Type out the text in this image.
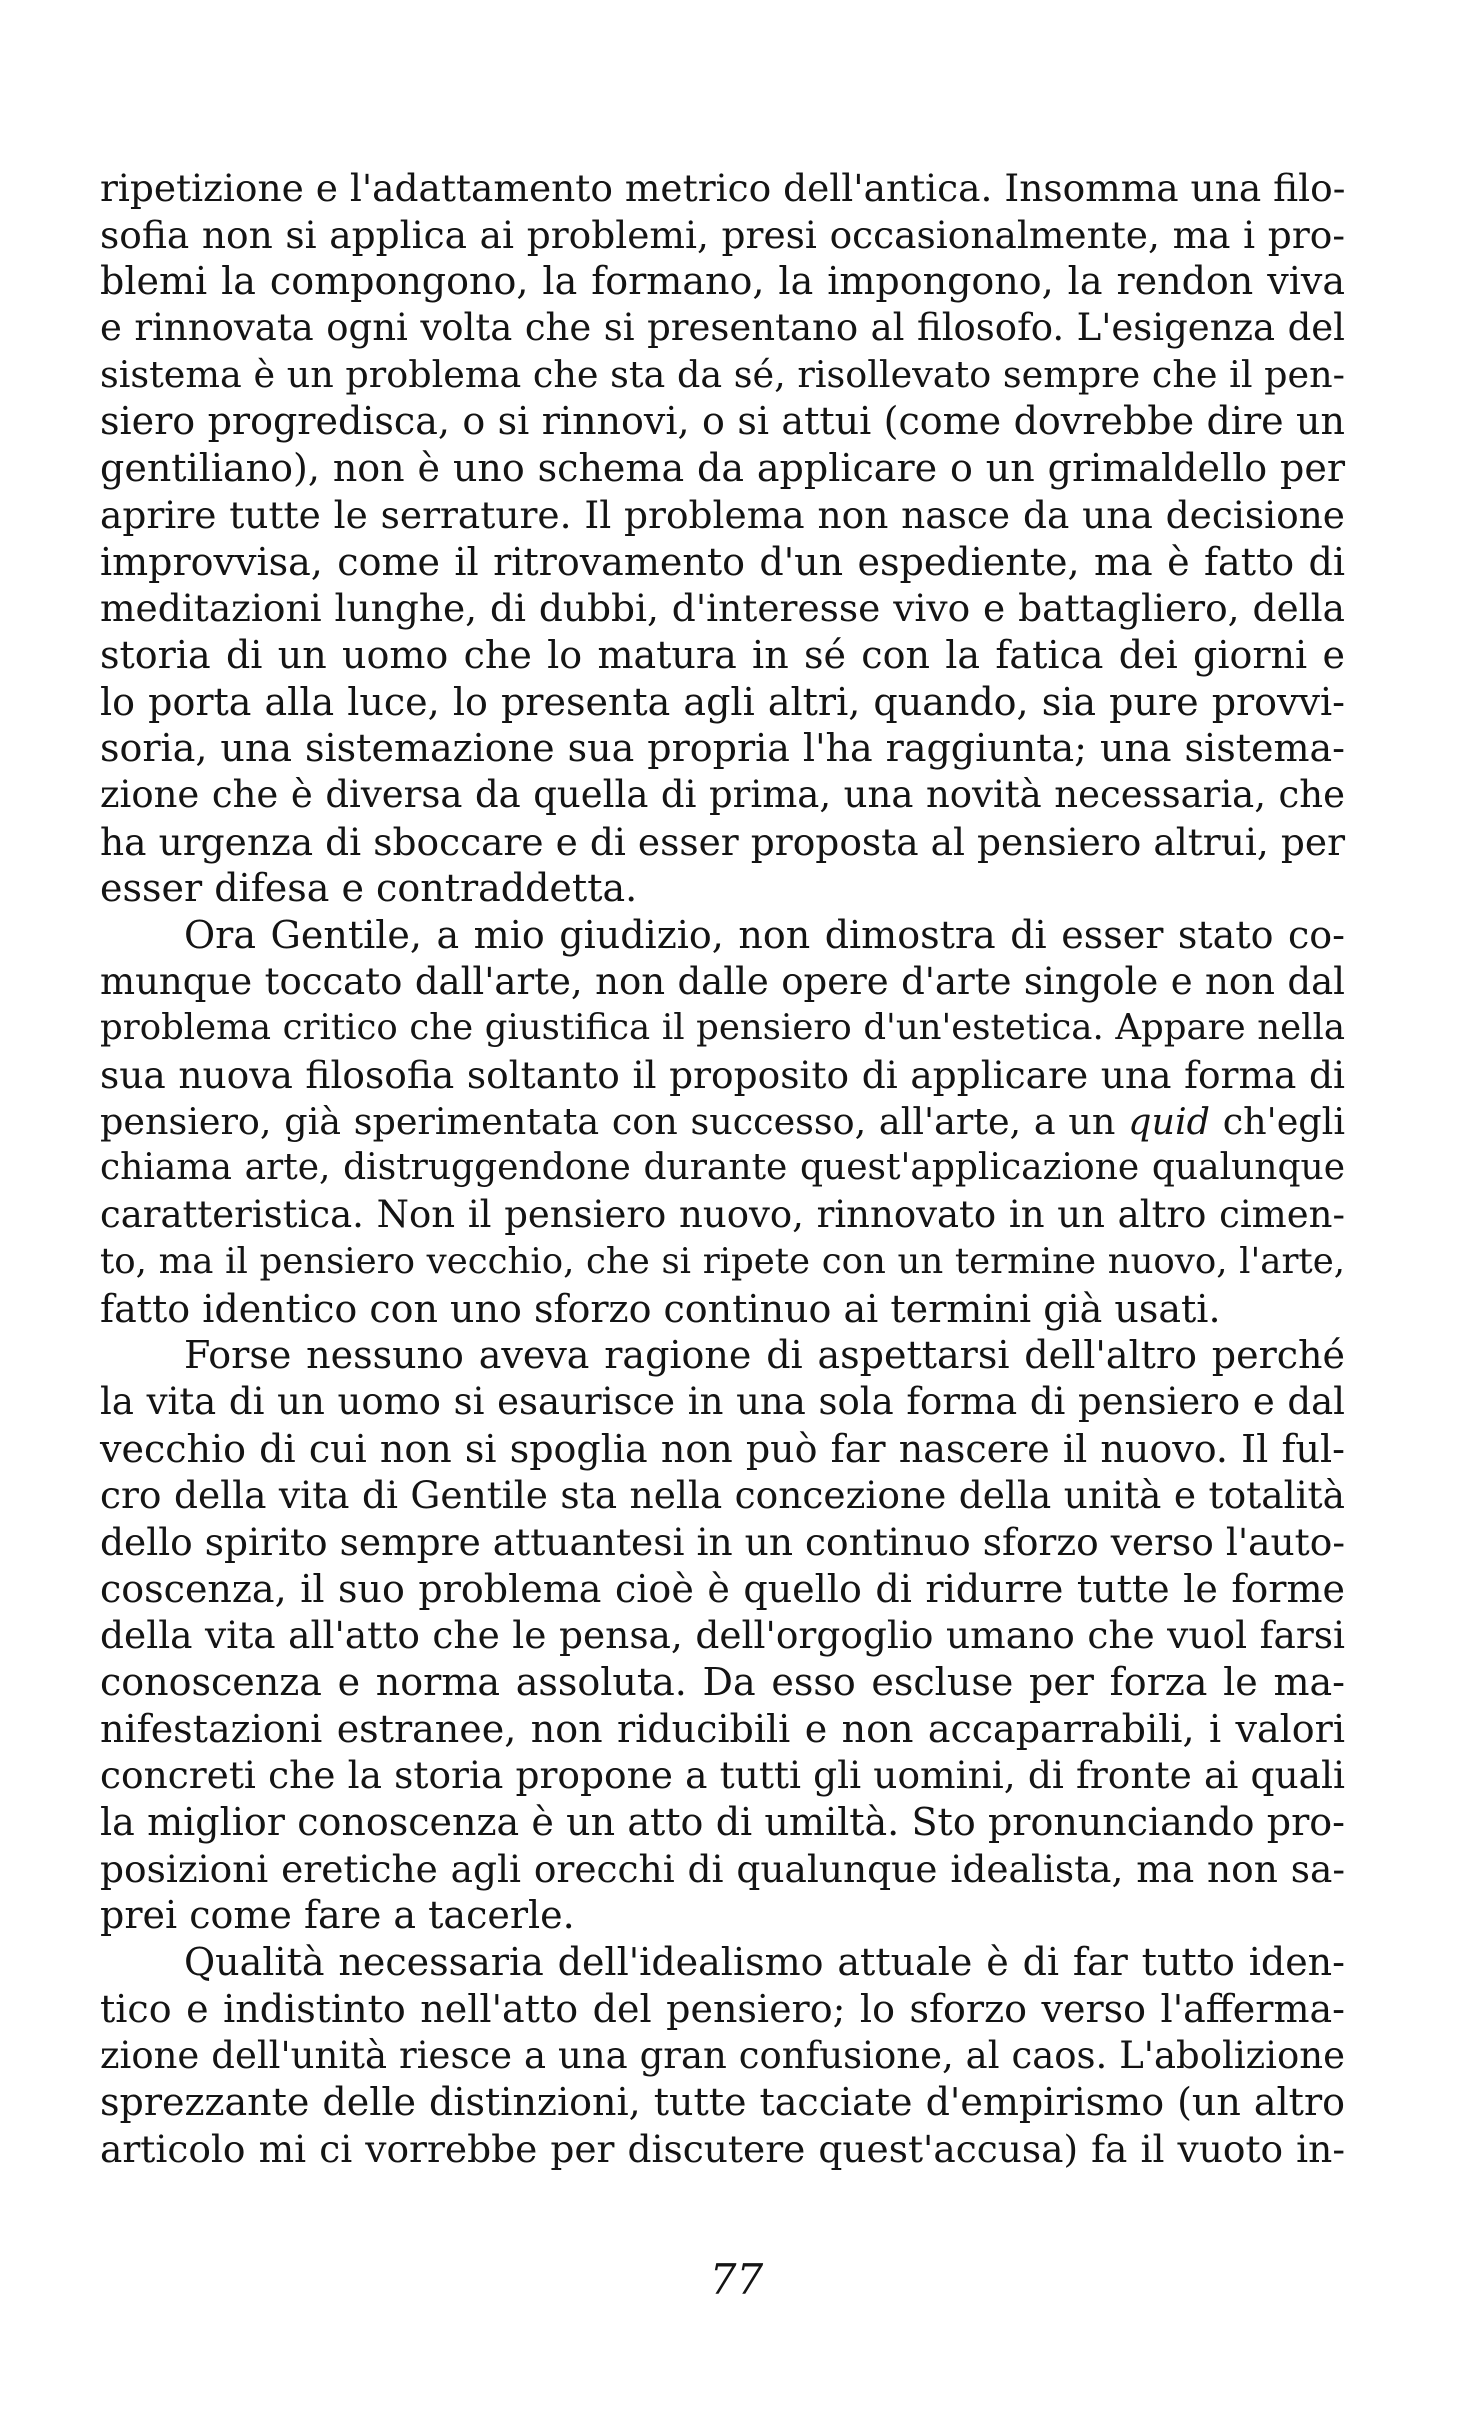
ripetizione e l'adattamento metrico dell'antica. Insomma una filo-
sofia non si applica ai problemi, presi occasionalmente, ma i pro-
blemi la compongono, la formano, la impongono, la rendon viva
e rinnovata ogni volta che si presentano al filosofo. L'esigenza del
sistema è un problema che sta da sé, risollevato sempre che il pen-
siero progredisca, o si rinnovi, o si attui (come dovrebbe dire un
gentiliano), non è uno schema da applicare o un grimaldello per
aprire tutte le serrature. Il problema non nasce da una decisione
improvvisa, come il ritrovamento d'un espediente, ma è fatto di
meditazioni lunghe, di dubbi, d'interesse vivo e battagliero, della
storia di un uomo che lo matura in sé con la fatica dei giorni e
lo porta alla luce, lo presenta agli altri, quando, sia pure provvi-
soria, una sistemazione sua propria l'ha raggiunta; una sistema-
zione che è diversa da quella di prima, una novità necessaria, che
ha urgenza di sboccare e di esser proposta al pensiero altrui, per
esser difesa e contraddetta.
Ora Gentile, a mio giudizio, non dimostra di esser stato co-
munque toccato dall'arte, non dalle opere d'arte singole e non dal
problema critico che giustifica il pensiero d'un'estetica. Appare nella
sua nuova filosofia soltanto il proposito di applicare una forma di
pensiero, già sperimentata con successo, all'arte, a un quid ch'egli
chiama arte, distruggendone durante quest'applicazione qualunque
caratteristica. Non il pensiero nuovo, rinnovato in un altro cimen-
to, ma il pensiero vecchio, che si ripete con un termine nuovo, l'arte,
fatto identico con uno sforzo continuo ai termini già usati.
Forse nessuno aveva ragione di aspettarsi dell'altro perché
la vita di un uomo si esaurisce in una sola forma di pensiero e dal
vecchio di cui non si spoglia non può far nascere il nuovo. Il ful-
cro della vita di Gentile sta nella concezione della unità e totalità
dello spirito sempre attuantesi in un continuo sforzo verso l'auto-
coscenza, il suo problema cioè è quello di ridurre tutte le forme
della vita all'atto che le pensa, dell'orgoglio umano che vuol farsi
conoscenza e norma assoluta. Da esso escluse per forza le ma-
nifestazioni estranee, non riducibili e non accaparrabili, i valori
concreti che la storia propone a tutti gli uomini, di fronte ai quali
la miglior conoscenza è un atto di umiltà. Sto pronunciando pro-
posizioni eretiche agli orecchi di qualunque idealista, ma non sa-
prei come fare a tacerle.
Qualità necessaria dell'idealismo attuale è di far tutto iden-
tico e indistinto nell'atto del pensiero; lo sforzo verso l'afferma-
zione dell'unità riesce a una gran confusione, al caos. L'abolizione
sprezzante delle distinzioni, tutte tacciate d'empirismo (un altro
articolo mi ci vorrebbe per discutere quest'accusa) fa il vuoto in-
77
